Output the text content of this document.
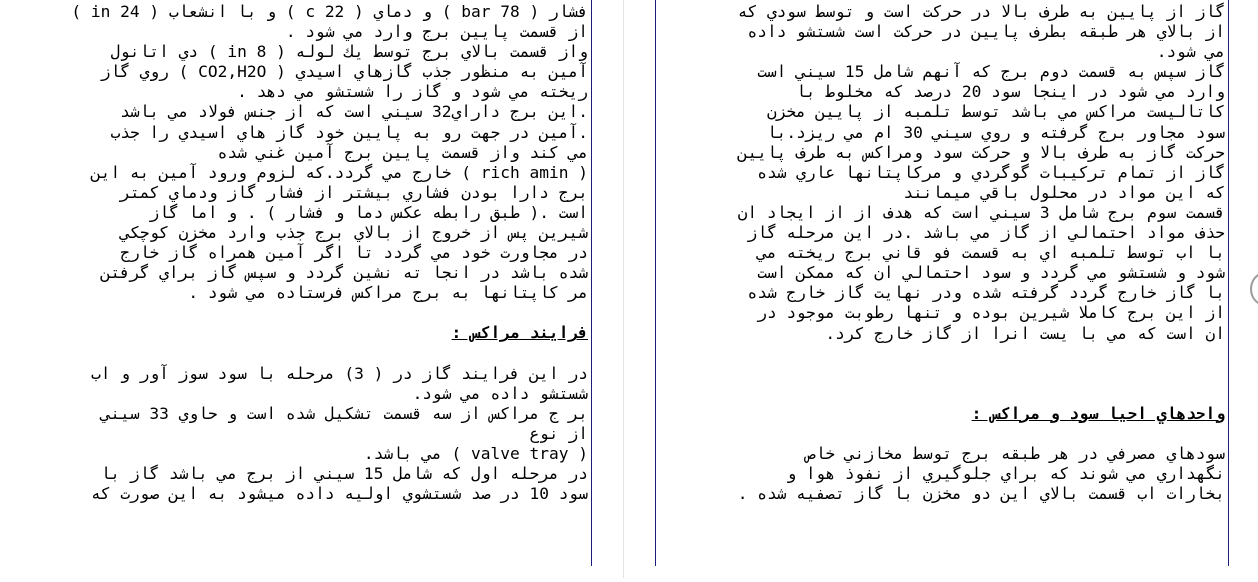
فشار ( 78 bar ) و دماي ( 22 c ) و با انشعاب ( 24 in )
از قسمت پايين برج وارد مي شود .

واز قسمت بالاي برج توسط يك لوله ( 8 in ) دي اتانول
آمين به منظور جذب گازهاي اسيدي ( CO2,H2O ) روي گاز
ريخته مي شود و گاز را شستشو مي دهد .

.اين برج داراي32 سيني است كه از جنس فولاد مي باشد
.آمين در جهت رو به پايين خود گاز هاي اسيدي را جذب
مي كند واز قسمت پايين برج آمين غني شده
( rich amin ) خارج مي گردد.كه لزوم ورود آمين به اين
برج دارا بودن فشاري بيشتر از فشار گاز ودماي كمتر
است .( طبق رابطه عكس دما و فشار ) . و اما گاز
شيرين پس از خروج از بالاي برج جذب وارد مخزن كوچكي
در مجاورت خود مي گردد تا اگر آمين همراه گاز خارج
شده باشد در انجا ته نشين گردد و سپس گاز براي گرفتن
مر كاپتانها به برج مراكس فرستاده مي شود .

فرايند مراكس :

در اين فرايند گاز در ( 3) مرحله با سود سوز آور و اب
شستشو داده مي شود.

بر ج مراكس از سه قسمت تشكيل شده است و حاوي 33 سيني
از نوع
( valve tray ) مي باشد.

در مرحله اول كه شامل 15 سيني از برج مي باشد گاز با
سود 10 در صد شستشوي اوليه داده ميشود به اين صورت كه

گاز از پايين به طرف بالا در حركت است و توسط سودي كه
از بالاي هر طبقه بطرف پايين در حركت است شستشو داده
مي شود.

گاز سپس به قسمت دوم برج كه آنهم شامل 15 سيني است
وارد مي شود در اينجا سود 20 درصد كه مخلوط با
كاتاليست مراكس مي باشد توسط تلمبه از پايين مخزن
سود مجاور برج گرفته و روي سيني 30 ام مي ريزد.با
حركت گاز به طرف بالا و حركت سود ومراكس به طرف پايين
گاز از تمام تركيبات گوگردي و مركاپتانها عاري شده
كه اين مواد در محلول باقي ميمانند

قسمت سوم برج شامل 3 سيني است كه هدف از از ايجاد ان
حذف مواد احتمالي از گاز مي باشد .در اين مرحله گاز
با اب توسط تلمبه اي به قسمت فو قاني برج ريخته مي
شود و شستشو مي گردد و سود احتمالي ان كه ممكن است
با گاز خارج گردد گرفته شده ودر نهايت گاز خارج شده
از اين برج كاملا شيرين بوده و تنها رطوبت موجود در
ان است كه مي با يست انرا از گاز خارج كرد.

واحدهاي احيا سود و مراكس :

سودهاي مصرفي در هر طبقه برج توسط مخازني خاص
نگهداري مي شوند كه براي جلوگيري از نفوذ هوا و
بخارات اب قسمت بالاي اين دو مخزن با گاز تصفيه شده .
